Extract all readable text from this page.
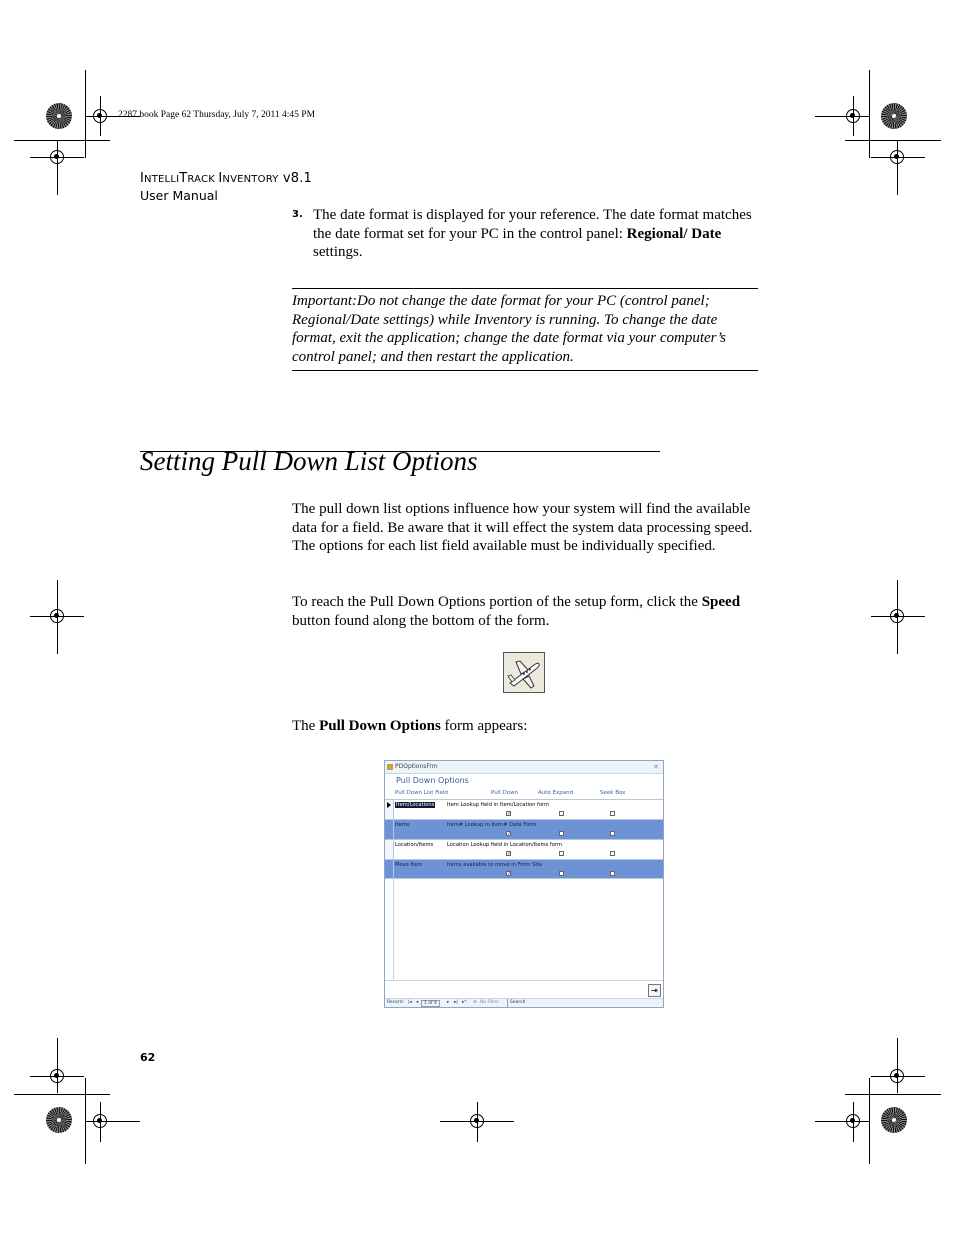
2287.book Page 62 Thursday, July 7, 2011 4:45 PM
INTELLITRACK INVENTORY v8.1
User Manual
3. The date format is displayed for your reference. The date format matches the date format set for your PC in the control panel: Regional/ Date settings.
Important:Do not change the date format for your PC (control panel; Regional/Date settings) while Inventory is running. To change the date format, exit the application; change the date format via your computer’s control panel; and then restart the application.
Setting Pull Down List Options
The pull down list options influence how your system will find the available data for a field. Be aware that it will effect the system data processing speed. The options for each list field available must be individually specified.
To reach the Pull Down Options portion of the setup form, click the Speed button found along the bottom of the form.
The Pull Down Options form appears:
PDOptionsFrm	✕
Pull Down Options
Pull Down List Field	Pull Down	Auto Expand	Seek Box
Item/Locations Item Lookup field in Item/Location form
✓
Items	Item# Lookup in Item# Data Form
✓
Location/Items	Location Lookup field in Location/Items form
✓
Move Item	Items available to move in From Site
✓
⇥
Record: |◂ ◂	1 of 4	▸ ▸| ▸* ⊗ No Filter	Search
62
